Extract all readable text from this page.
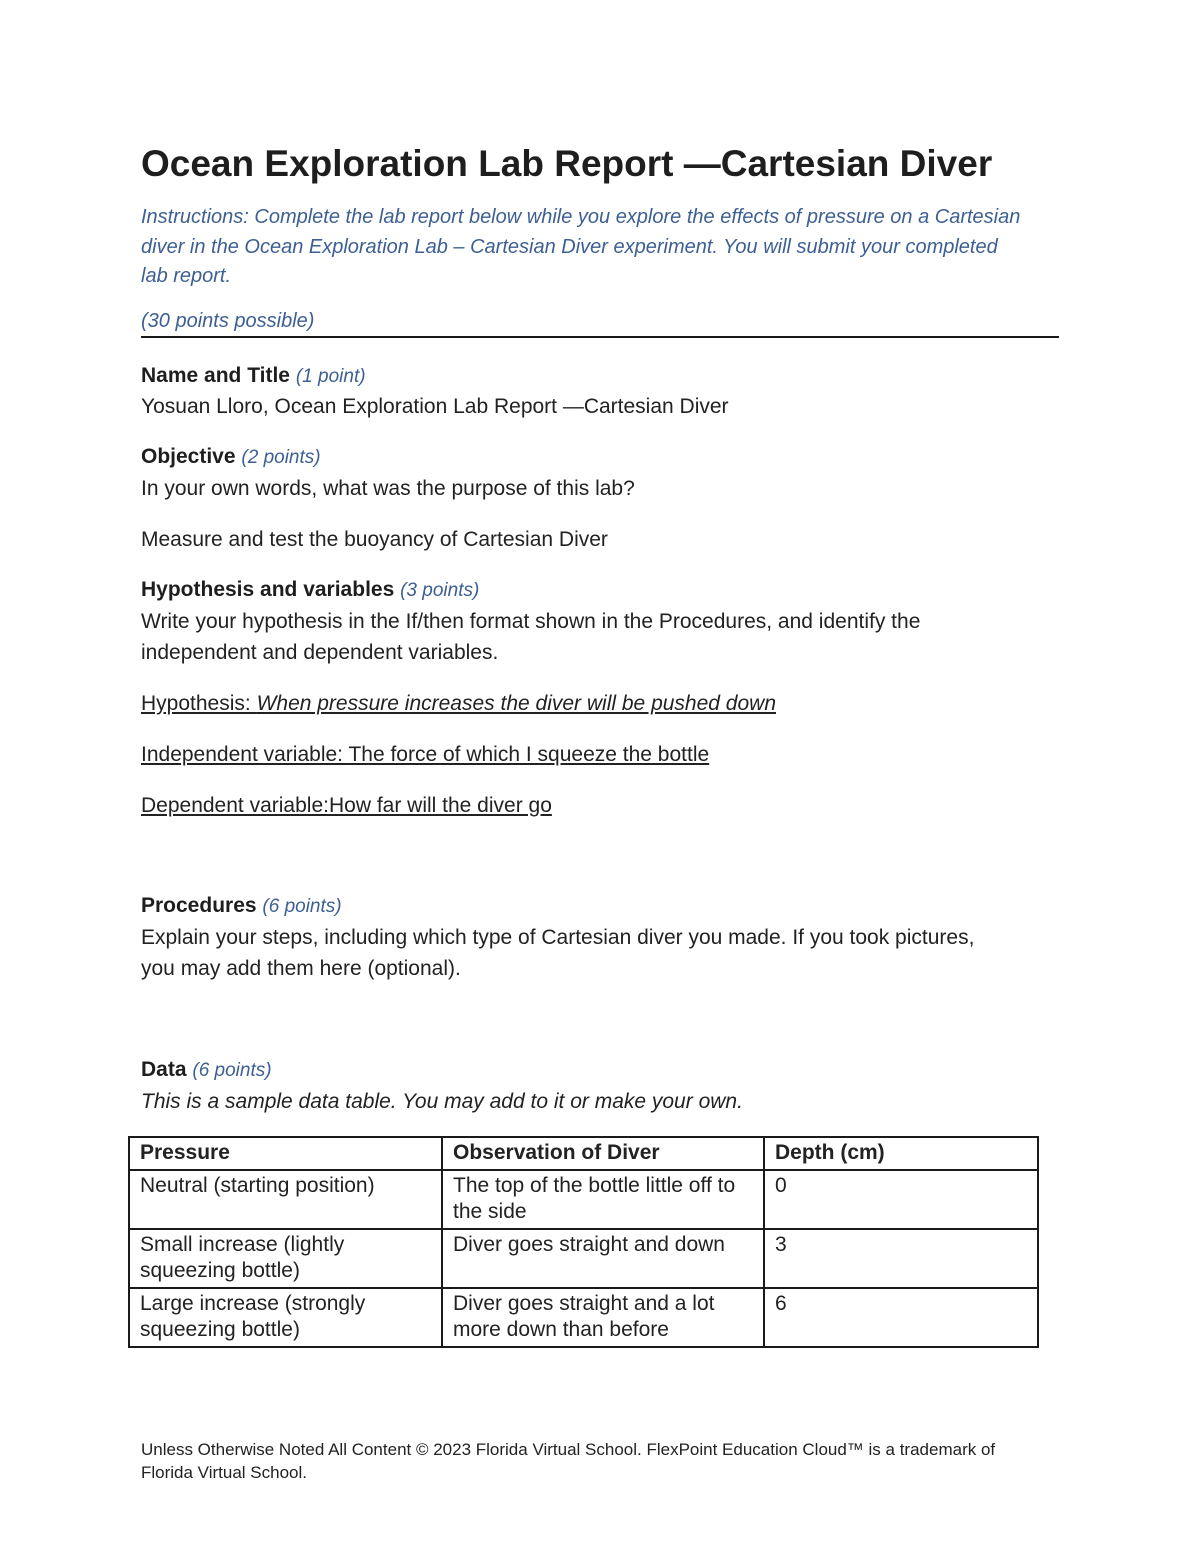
Ocean Exploration Lab Report —Cartesian Diver

Instructions: Complete the lab report below while you explore the effects of pressure on a Cartesian diver in the Ocean Exploration Lab – Cartesian Diver experiment. You will submit your completed lab report.

(30 points possible)

Name and Title (1 point)

Yosuan Lloro, Ocean Exploration Lab Report —Cartesian Diver

Objective (2 points)

In your own words, what was the purpose of this lab?

Measure and test the buoyancy of Cartesian Diver

Hypothesis and variables (3 points)

Write your hypothesis in the If/then format shown in the Procedures, and identify the independent and dependent variables.

Hypothesis: When pressure increases the diver will be pushed down

Independent variable: The force of which I squeeze the bottle

Dependent variable:How far will the diver go

Procedures (6 points)

Explain your steps, including which type of Cartesian diver you made. If you took pictures, you may add them here (optional).

Data (6 points)

This is a sample data table. You may add to it or make your own.

Pressure	Observation of Diver	Depth (cm)
Neutral (starting position)	The top of the bottle little off to the side	0
Small increase (lightly squeezing bottle)	Diver goes straight and down	3
Large increase (strongly squeezing bottle)	Diver goes straight and a lot more down than before	6

Unless Otherwise Noted All Content © 2023 Florida Virtual School. FlexPoint Education Cloud™ is a trademark of Florida Virtual School.
